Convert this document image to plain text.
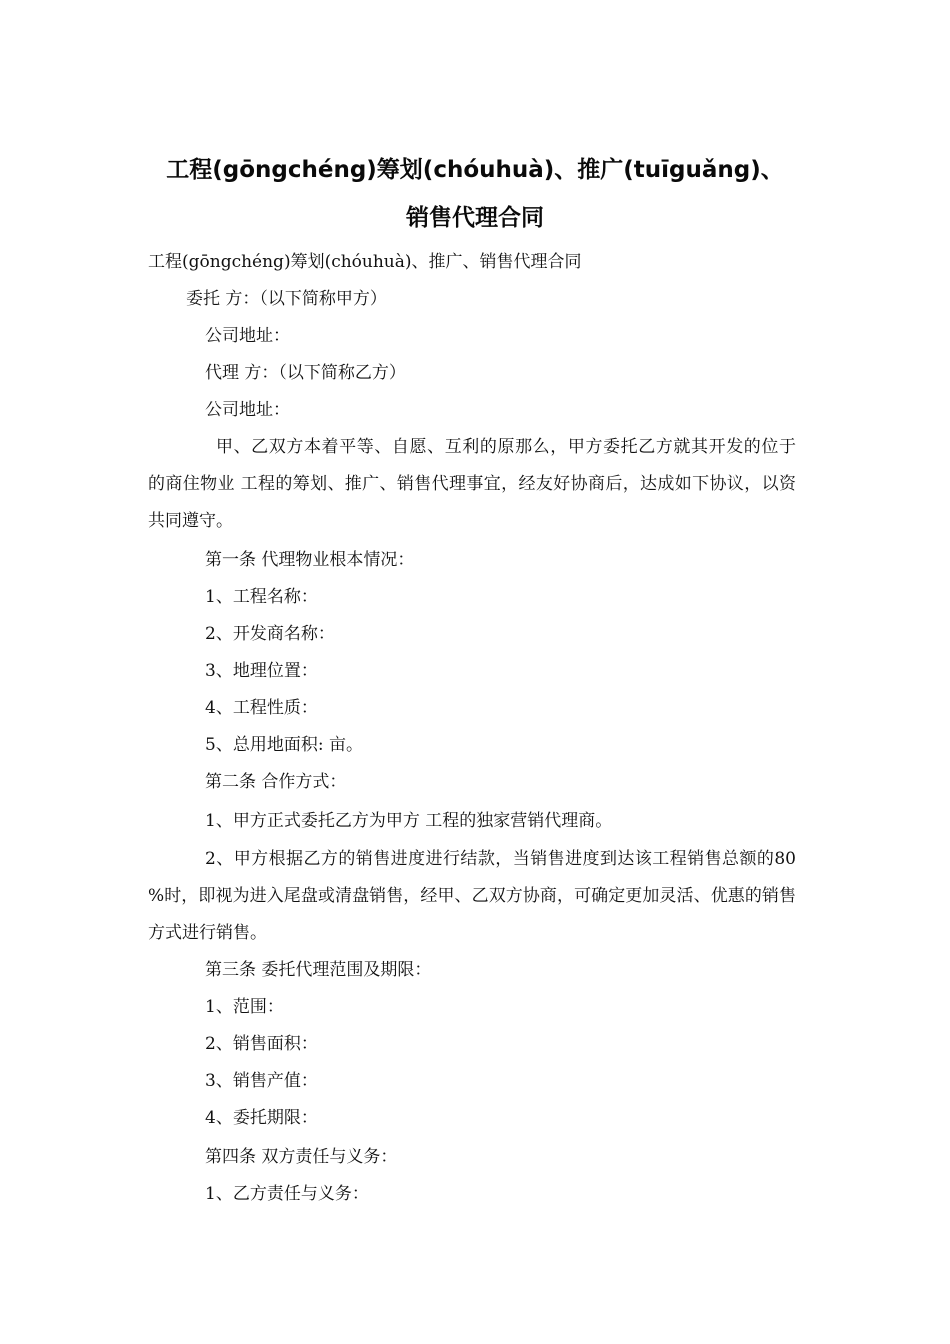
工程(gōngchéng)筹划(chóuhuà)、推广(tuīguǎng)、
销售代理合同
工程(gōngchéng)筹划(chóuhuà)、推广、销售代理合同
委托 方：（以下简称甲方）
公司地址：
代理 方：（以下简称乙方）
公司地址：
甲、乙双方本着平等、自愿、互利的原那么，甲方委托乙方就其开发的位于 的商住物业 工程的筹划、推广、销售代理事宜，经友好协商后，达成如下协议，以资共同遵守。
第一条 代理物业根本情况：
1、工程名称：
2、开发商名称：
3、地理位置：
4、工程性质：
5、总用地面积: 亩。
第二条 合作方式：
1、甲方正式委托乙方为甲方 工程的独家营销代理商。
2、甲方根据乙方的销售进度进行结款，当销售进度到达该工程销售总额的80 %时，即视为进入尾盘或清盘销售，经甲、乙双方协商，可确定更加灵活、优惠的销售方式进行销售。
第三条 委托代理范围及期限：
1、范围：
2、销售面积：
3、销售产值：
4、委托期限：
第四条 双方责任与义务：
1、乙方责任与义务：
